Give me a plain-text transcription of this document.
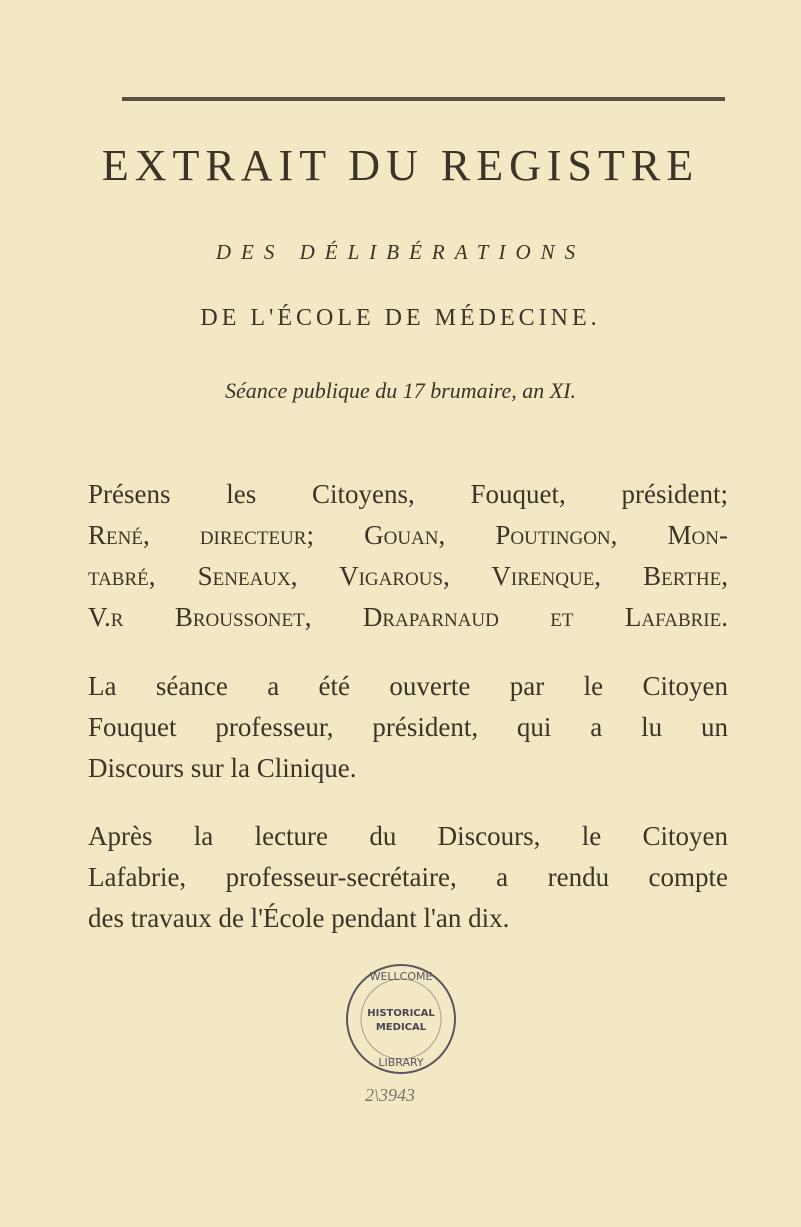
EXTRAIT DU REGISTRE
DES DÉLIBÉRATIONS
DE L'ÉCOLE DE MÉDECINE.
Séance publique du 17 brumaire, an XI.
Présens les Citoyens, Fouquet, président;
René, directeur; Gouan, Poutingon, Mon-
tabré, Seneaux, Vigarous, Virenque, Berthe,
V.r Broussonet, Draparnaud et Lafabrie.
La séance a été ouverte par le Citoyen
Fouquet professeur, président, qui a lu un
Discours sur la Clinique.
Après la lecture du Discours, le Citoyen
Lafabrie, professeur-secrétaire, a rendu compte
des travaux de l'École pendant l'an dix.
WELLCOME
HISTORICAL
MEDICAL
LIBRARY
2\3943
